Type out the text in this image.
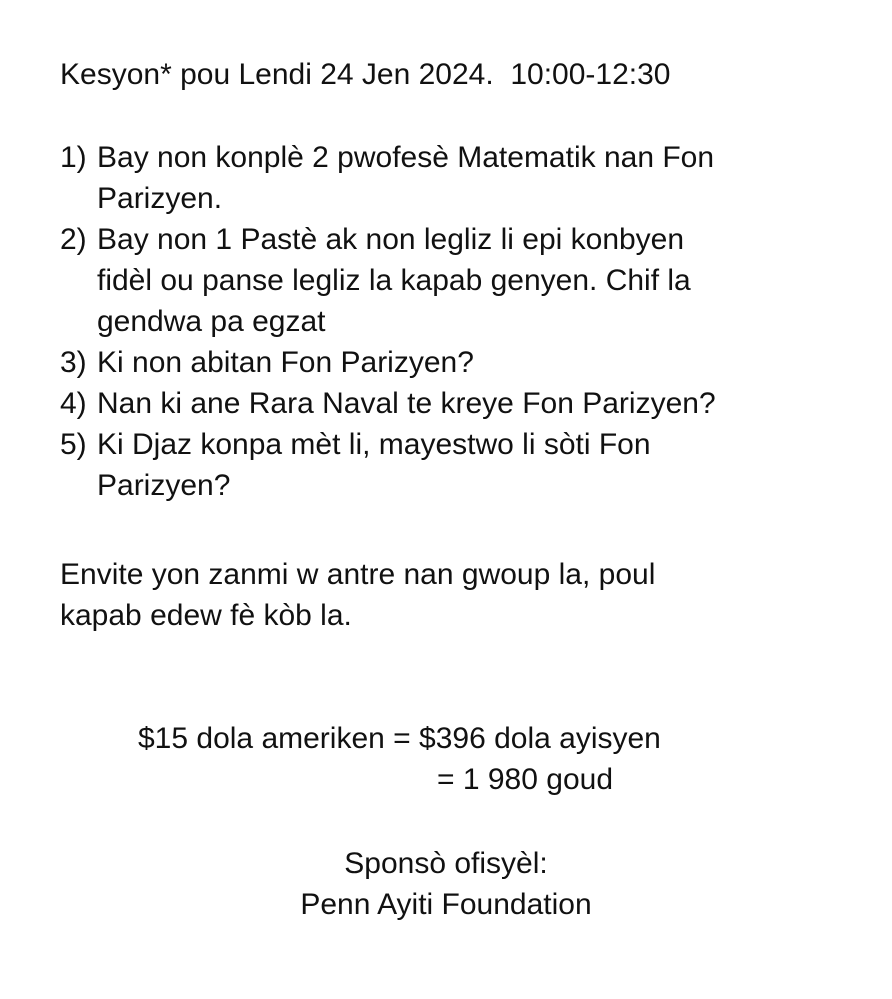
Kesyon* pou Lendi 24 Jen 2024.  10:00-12:30
1) Bay non konplè 2 pwofesè Matematik nan Fon
Parizyen.
2) Bay non 1 Pastè ak non legliz li epi konbyen
fidèl ou panse legliz la kapab genyen. Chif la
gendwa pa egzat
3) Ki non abitan Fon Parizyen?
4) Nan ki ane Rara Naval te kreye Fon Parizyen?
5) Ki Djaz konpa mèt li, mayestwo li sòti Fon
Parizyen?
Envite yon zanmi w antre nan gwoup la, poul
kapab edew fè kòb la.
$15 dola ameriken = $396 dola ayisyen
= 1 980 goud
Sponsò ofisyèl:
Penn Ayiti Foundation
